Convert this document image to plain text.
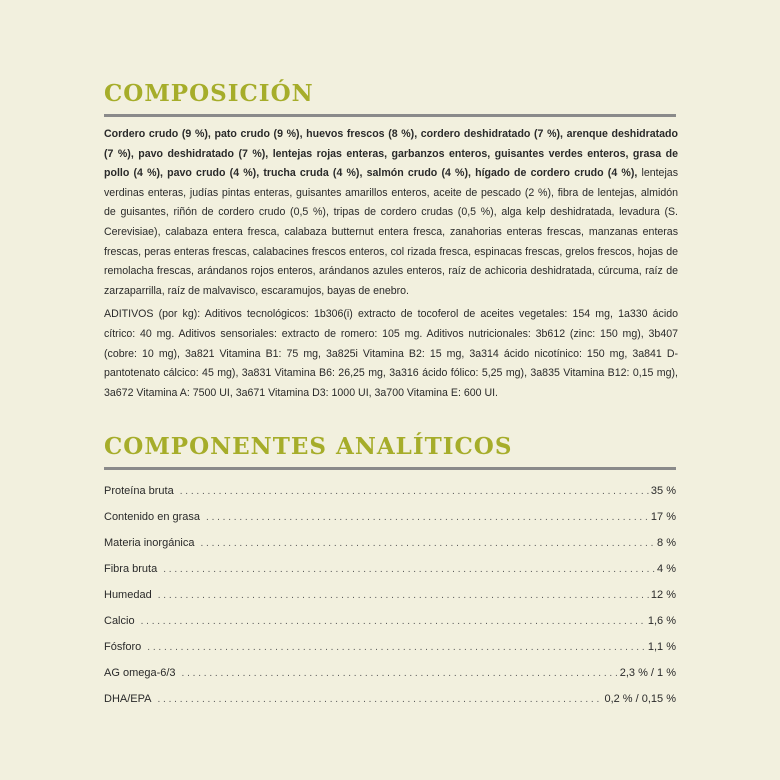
COMPOSICIÓN

Cordero crudo (9 %), pato crudo (9 %), huevos frescos (8 %), cordero deshidratado (7 %), arenque deshidratado (7 %), pavo deshidratado (7 %), lentejas rojas enteras, garbanzos enteros, guisantes verdes enteros, grasa de pollo (4 %), pavo crudo (4 %), trucha cruda (4 %), salmón crudo (4 %), hígado de cordero crudo (4 %), lentejas verdinas enteras, judías pintas enteras, guisantes amarillos enteros, aceite de pescado (2 %), fibra de lentejas, almidón de guisantes, riñón de cordero crudo (0,5 %), tripas de cordero crudas (0,5 %), alga kelp deshidratada, levadura (S. Cerevisiae), calabaza entera fresca, calabaza butternut entera fresca, zanahorias enteras frescas, manzanas enteras frescas, peras enteras frescas, calabacines frescos enteros, col rizada fresca, espinacas frescas, grelos frescos, hojas de remolacha frescas, arándanos rojos enteros, arándanos azules enteros, raíz de achicoria deshidratada, cúrcuma, raíz de zarzaparrilla, raíz de malvavisco, escaramujos, bayas de enebro.

ADITIVOS (por kg): Aditivos tecnológicos: 1b306(i) extracto de tocoferol de aceites vegetales: 154 mg, 1a330 ácido cítrico: 40 mg. Aditivos sensoriales: extracto de romero: 105 mg. Aditivos nutricionales: 3b612 (zinc: 150 mg), 3b407 (cobre: 10 mg), 3a821 Vitamina B1: 75 mg, 3a825i Vitamina B2: 15 mg, 3a314 ácido nicotínico: 150 mg, 3a841 D-pantotenato cálcico: 45 mg), 3a831 Vitamina B6: 26,25 mg, 3a316 ácido fólico: 5,25 mg), 3a835 Vitamina B12: 0,15 mg), 3a672 Vitamina A: 7500 UI, 3a671 Vitamina D3: 1000 UI, 3a700 Vitamina E: 600 UI.

COMPONENTES ANALÍTICOS
Proteína bruta . . .	35 %
Contenido en grasa . . .	17 %
Materia inorgánica . . .	8 %
Fibra bruta . . .	4 %
Humedad . . .	12 %
Calcio . . .	1,6 %
Fósforo . . .	1,1 %
AG omega-6/3 . . .	2,3 % / 1 %
DHA/EPA . . .	0,2 % / 0,15 %
